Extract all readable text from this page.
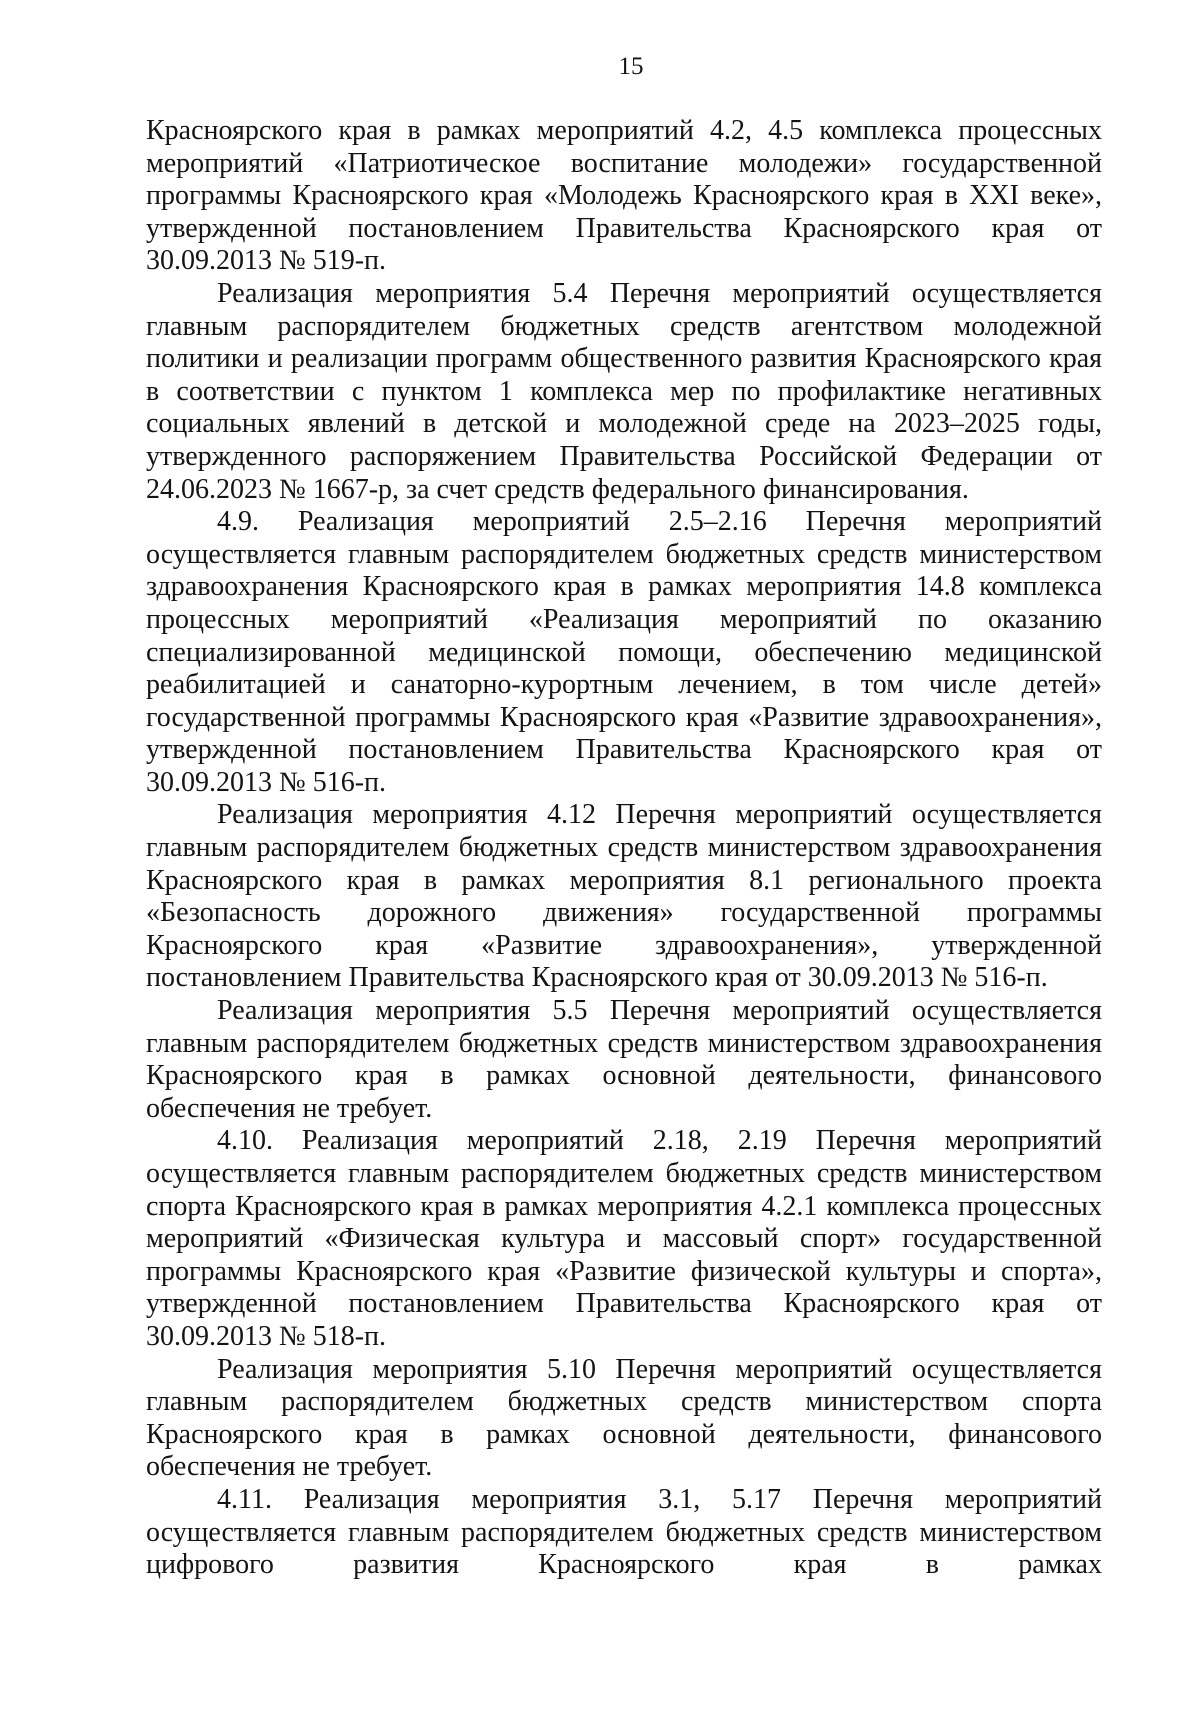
15

Красноярского края в рамках мероприятий 4.2, 4.5 комплекса процессных мероприятий «Патриотическое воспитание молодежи» государственной программы Красноярского края «Молодежь Красноярского края в XXI веке», утвержденной постановлением Правительства Красноярского края от 30.09.2013 № 519-п.

Реализация мероприятия 5.4 Перечня мероприятий осуществляется главным распорядителем бюджетных средств агентством молодежной политики и реализации программ общественного развития Красноярского края в соответствии с пунктом 1 комплекса мер по профилактике негативных социальных явлений в детской и молодежной среде на 2023–2025 годы, утвержденного распоряжением Правительства Российской Федерации от 24.06.2023 № 1667-р, за счет средств федерального финансирования.

4.9. Реализация мероприятий 2.5–2.16 Перечня мероприятий осуществляется главным распорядителем бюджетных средств министерством здравоохранения Красноярского края в рамках мероприятия 14.8 комплекса процессных мероприятий «Реализация мероприятий по оказанию специализированной медицинской помощи, обеспечению медицинской реабилитацией и санаторно-курортным лечением, в том числе детей» государственной программы Красноярского края «Развитие здравоохранения», утвержденной постановлением Правительства Красноярского края от 30.09.2013 № 516-п.

Реализация мероприятия 4.12 Перечня мероприятий осуществляется главным распорядителем бюджетных средств министерством здравоохранения Красноярского края в рамках мероприятия 8.1 регионального проекта «Безопасность дорожного движения» государственной программы Красноярского края «Развитие здравоохранения», утвержденной постановлением Правительства Красноярского края от 30.09.2013 № 516-п.

Реализация мероприятия 5.5 Перечня мероприятий осуществляется главным распорядителем бюджетных средств министерством здравоохранения Красноярского края в рамках основной деятельности, финансового обеспечения не требует.

4.10. Реализация мероприятий 2.18, 2.19 Перечня мероприятий осуществляется главным распорядителем бюджетных средств министерством спорта Красноярского края в рамках мероприятия 4.2.1 комплекса процессных мероприятий «Физическая культура и массовый спорт» государственной программы Красноярского края «Развитие физической культуры и спорта», утвержденной постановлением Правительства Красноярского края от 30.09.2013 № 518-п.

Реализация мероприятия 5.10 Перечня мероприятий осуществляется главным распорядителем бюджетных средств министерством спорта Красноярского края в рамках основной деятельности, финансового обеспечения не требует.

4.11. Реализация мероприятия 3.1, 5.17 Перечня мероприятий осуществляется главным распорядителем бюджетных средств министерством цифрового развития Красноярского края в рамках
